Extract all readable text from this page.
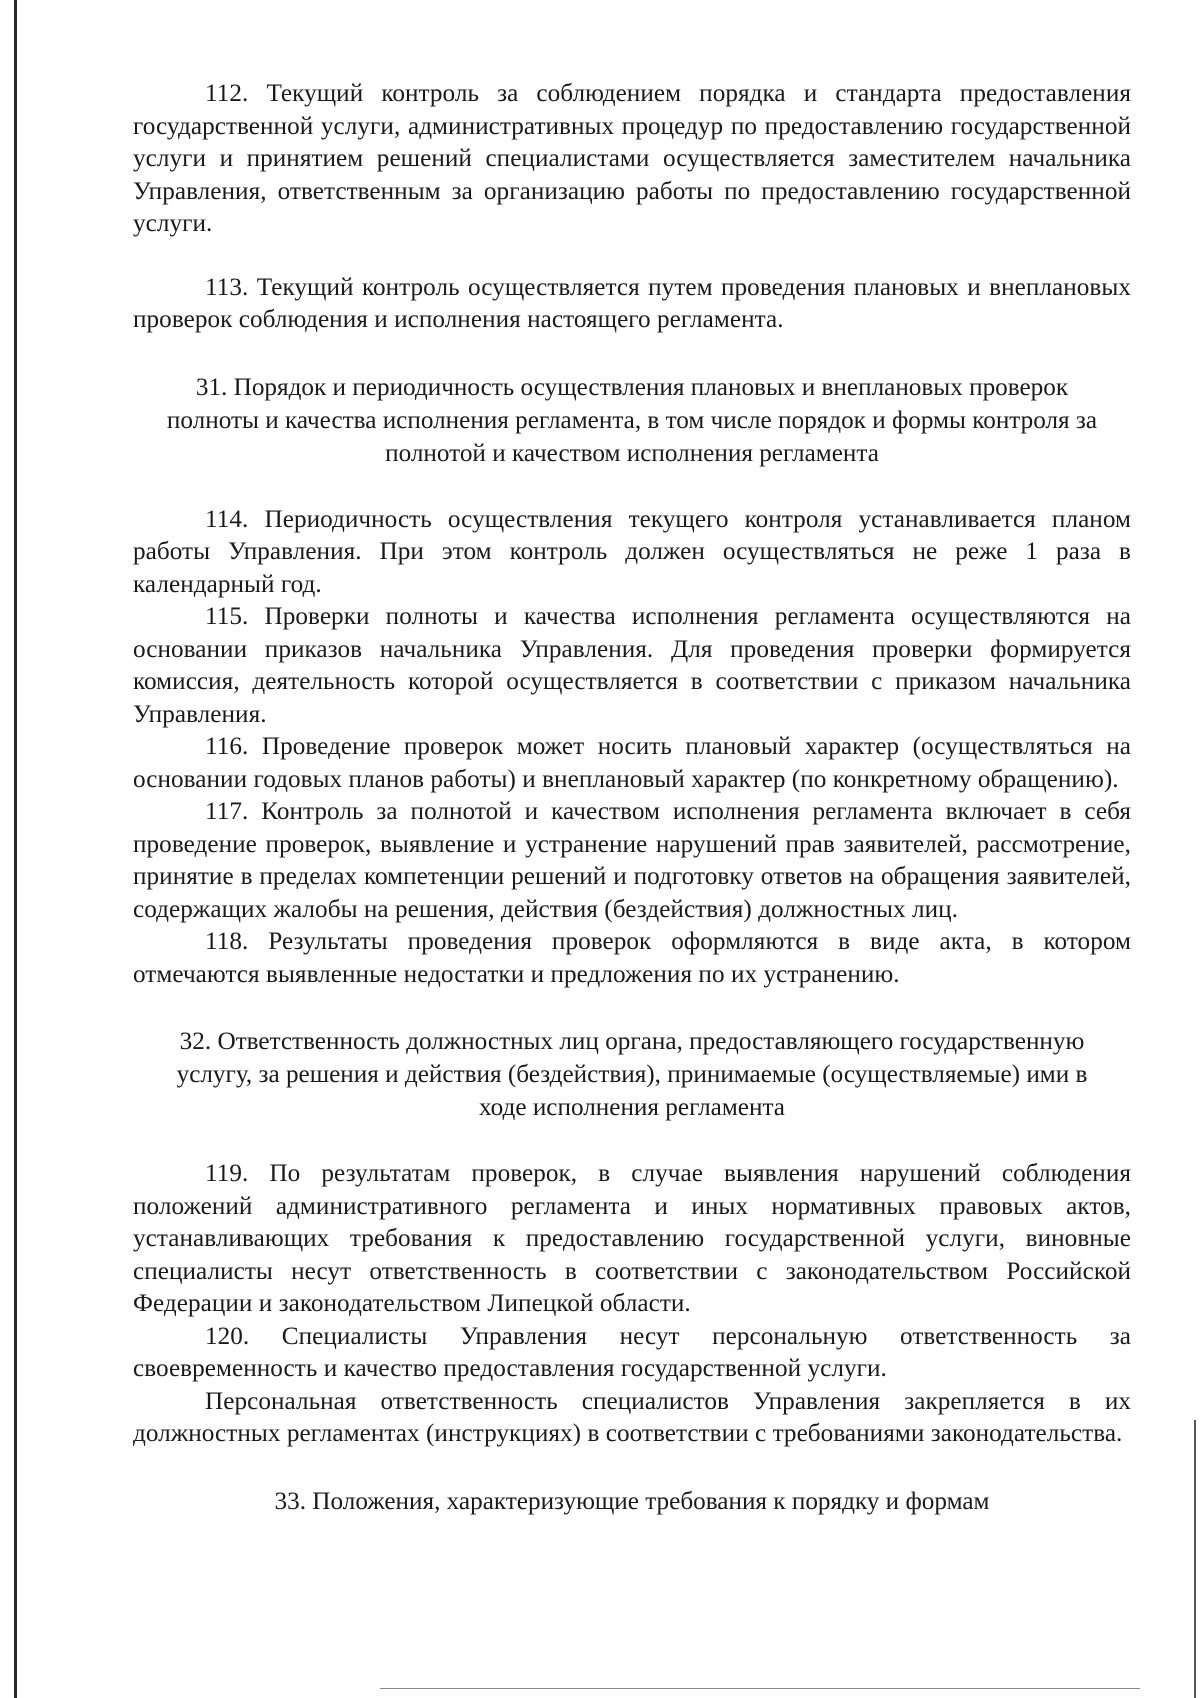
112. Текущий контроль за соблюдением порядка и стандарта предоставления государственной услуги, административных процедур по предоставлению государственной услуги и принятием решений специалистами осуществляется заместителем начальника Управления, ответственным за организацию работы по предоставлению государственной услуги.

113. Текущий контроль осуществляется путем проведения плановых и внеплановых проверок соблюдения и исполнения настоящего регламента.

31. Порядок и периодичность осуществления плановых и внеплановых проверок полноты и качества исполнения регламента, в том числе порядок и формы контроля за полнотой и качеством исполнения регламента

114. Периодичность осуществления текущего контроля устанавливается планом работы Управления. При этом контроль должен осуществляться не реже 1 раза в календарный год.

115. Проверки полноты и качества исполнения регламента осуществляются на основании приказов начальника Управления. Для проведения проверки формируется комиссия, деятельность которой осуществляется в соответствии с приказом начальника Управления.

116. Проведение проверок может носить плановый характер (осуществляться на основании годовых планов работы) и внеплановый характер (по конкретному обращению).

117. Контроль за полнотой и качеством исполнения регламента включает в себя проведение проверок, выявление и устранение нарушений прав заявителей, рассмотрение, принятие в пределах компетенции решений и подготовку ответов на обращения заявителей, содержащих жалобы на решения, действия (бездействия) должностных лиц.

118. Результаты проведения проверок оформляются в виде акта, в котором отмечаются выявленные недостатки и предложения по их устранению.

32. Ответственность должностных лиц органа, предоставляющего государственную услугу, за решения и действия (бездействия), принимаемые (осуществляемые) ими в ходе исполнения регламента

119. По результатам проверок, в случае выявления нарушений соблюдения положений административного регламента и иных нормативных правовых актов, устанавливающих требования к предоставлению государственной услуги, виновные специалисты несут ответственность в соответствии с законодательством Российской Федерации и законодательством Липецкой области.

120. Специалисты Управления несут персональную ответственность за своевременность и качество предоставления государственной услуги.

Персональная ответственность специалистов Управления закрепляется в их должностных регламентах (инструкциях) в соответствии с требованиями законодательства.

33. Положения, характеризующие требования к порядку и формам
